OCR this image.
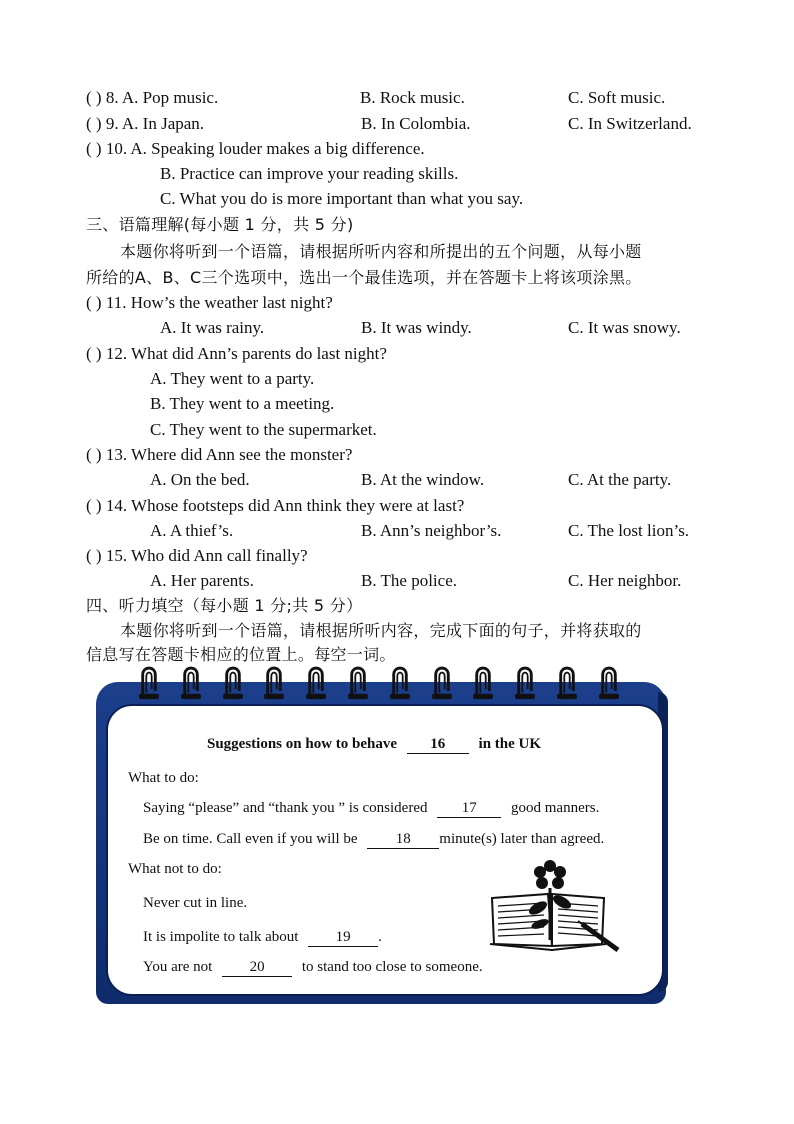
( ) 8. A. Pop music.	B. Rock music.	C. Soft music.
( ) 9. A. In Japan.	B. In Colombia.	C. In Switzerland.
( ) 10. A. Speaking louder makes a big difference.
B. Practice can improve your reading skills.
C. What you do is more important than what you say.
三、语篇理解(每小题 1 分，共 5 分)
本题你将听到一个语篇，请根据所听内容和所提出的五个问题，从每小题
所给的A、B、C三个选项中，选出一个最佳选项，并在答题卡上将该项涂黑。
( ) 11. How’s the weather last night?
A. It was rainy.	B. It was windy.	C. It was snowy.
( ) 12. What did Ann’s parents do last night?
A. They went to a party.
B. They went to a meeting.
C. They went to the supermarket.
( ) 13. Where did Ann see the monster?
A. On the bed.	B. At the window.	C. At the party.
( ) 14. Whose footsteps did Ann think they were at last?
A. A thief’s.	B. Ann’s neighbor’s.	C. The lost lion’s.
( ) 15. Who did Ann call finally?
A. Her parents.	B. The police.	C. Her neighbor.
四、听力填空（每小题 1 分;共 5 分）
本题你将听到一个语篇，请根据所听内容，完成下面的句子，并将获取的
信息写在答题卡相应的位置上。每空一词。
Suggestions on how to behave 16 in the UK
What to do:
Saying “please” and “thank you ” is considered 17 good manners.
Be on time. Call even if you will be	18 minute(s) later than agreed.
What not to do:
Never cut in line.
It is impolite to talk about 19 .
You are not 20 to stand too close to someone.
